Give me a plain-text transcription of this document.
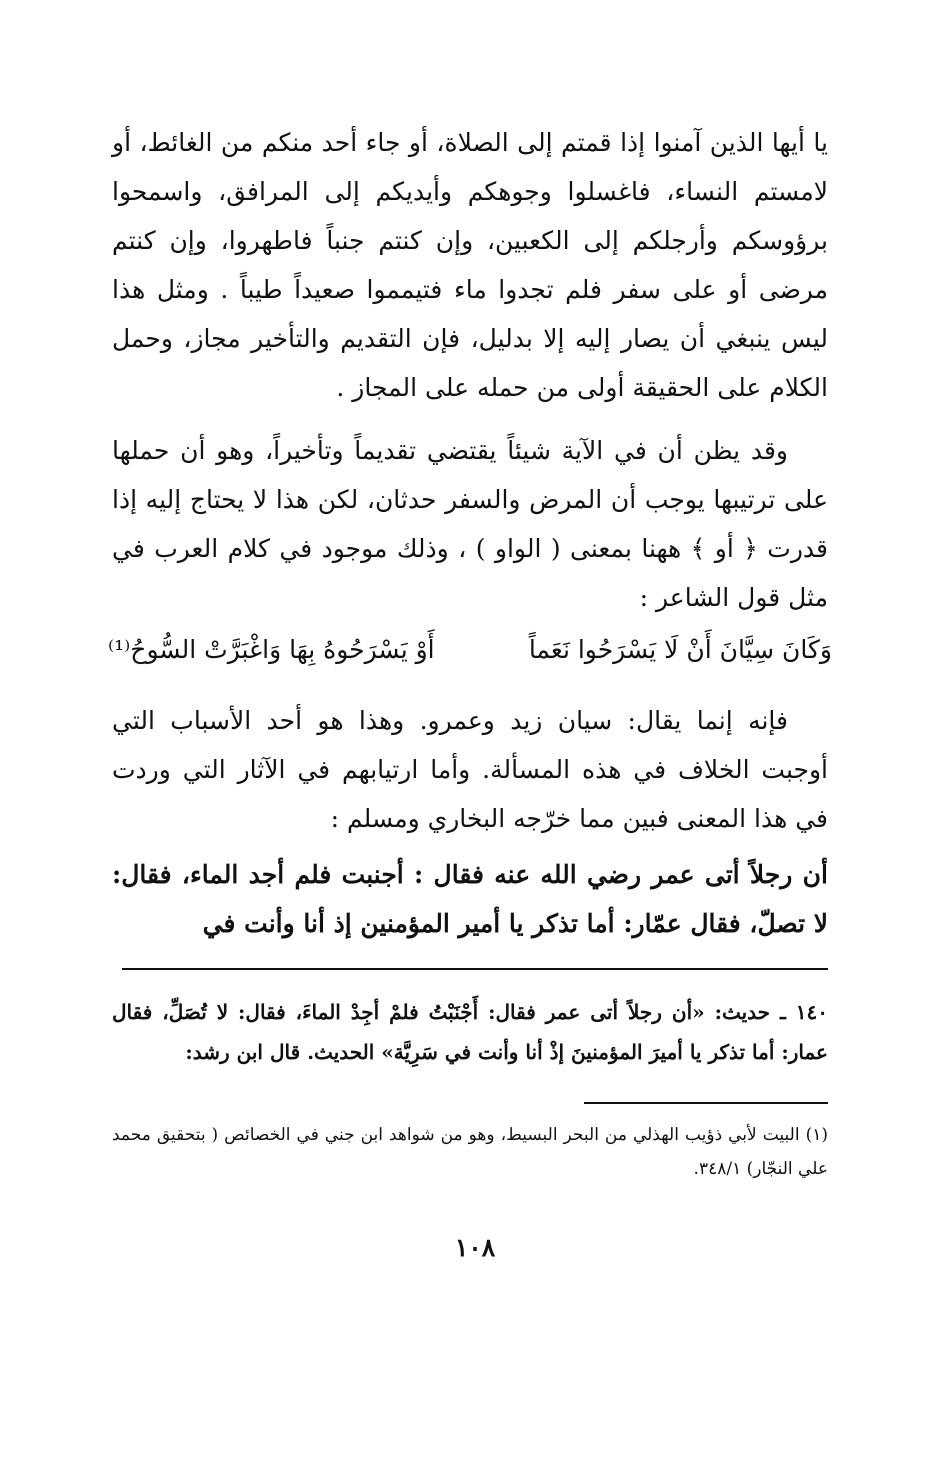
يا أيها الذين آمنوا إذا قمتم إلى الصلاة، أو جاء أحد منكم من الغائط، أو لامستم النساء، فاغسلوا وجوهكم وأيديكم إلى المرافق، واسمحوا برؤوسكم وأرجلكم إلى الكعبين، وإن كنتم جنباً فاطهروا، وإن كنتم مرضى أو على سفر فلم تجدوا ماء فتيمموا صعيداً طيباً . ومثل هذا ليس ينبغي أن يصار إليه إلا بدليل، فإن التقديم والتأخير مجاز، وحمل الكلام على الحقيقة أولى من حمله على المجاز .

وقد يظن أن في الآية شيئاً يقتضي تقديماً وتأخيراً، وهو أن حملها على ترتيبها يوجب أن المرض والسفر حدثان، لكن هذا لا يحتاج إليه إذا قدرت ﴿ أو ﴾ ههنا بمعنى ( الواو ) ، وذلك موجود في كلام العرب في مثل قول الشاعر :

وَكَانَ سِيَّانَ أَنْ لَا يَسْرَحُوا نَعَماً
أَوْ يَسْرَحُوهُ بِهَا وَاغْبَرَّتْ السُّوحُ⁽¹⁾

فإنه إنما يقال: سيان زيد وعمرو. وهذا هو أحد الأسباب التي أوجبت الخلاف في هذه المسألة. وأما ارتيابهم في الآثار التي وردت في هذا المعنى فبين مما خرّجه البخاري ومسلم :

أن رجلاً أتى عمر رضي الله عنه فقال : أجنبت فلم أجد الماء، فقال: لا تصلّ، فقال عمّار: أما تذكر يا أمير المؤمنين إذ أنا وأنت في

١٤٠ ـ حديث: «أن رجلاً أتى عمر فقال: أَجْنَبْتُ فلمْ أجِدْ الماءَ، فقال: لا تُصَلِّ، فقال عمار: أما تذكر يا أميرَ المؤمنينَ إذْ أنا وأنت في سَرِيَّة» الحديث. قال ابن رشد:

(١) البيت لأبي ذؤيب الهذلي من البحر البسيط، وهو من شواهد ابن جني في الخصائص ( بتحقيق محمد علي النجّار) ٣٤٨/١.

١٠٨
